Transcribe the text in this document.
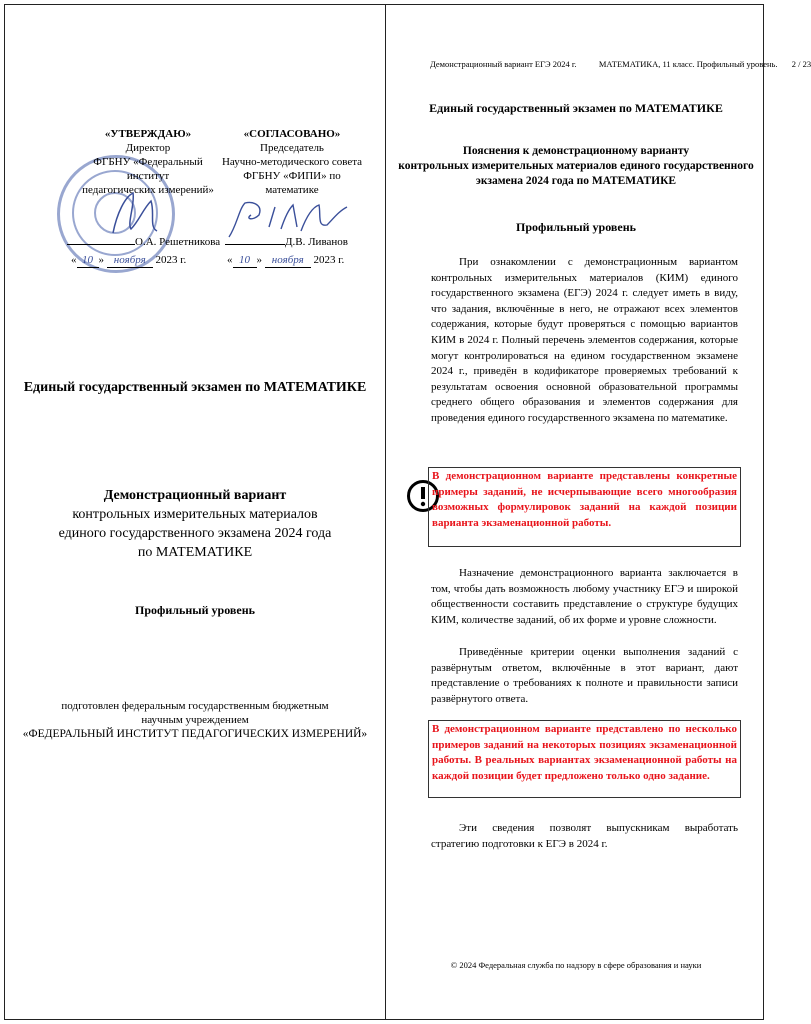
«УТВЕРЖДАЮ»
Директор
ФГБНУ «Федеральный институт
педагогических измерений»
О.А. Решетникова
« 10 » ноября 2023 г.
«СОГЛАСОВАНО»
Председатель
Научно-методического совета
ФГБНУ «ФИПИ» по математике
Д.В. Ливанов
« 10 » ноября 2023 г.
Единый государственный экзамен по МАТЕМАТИКЕ
Демонстрационный вариант
контрольных измерительных материалов
единого государственного экзамена 2024 года
по МАТЕМАТИКЕ
Профильный уровень
подготовлен федеральным государственным бюджетным
научным учреждением
«ФЕДЕРАЛЬНЫЙ ИНСТИТУТ ПЕДАГОГИЧЕСКИХ ИЗМЕРЕНИЙ»
Демонстрационный вариант ЕГЭ 2024 г.	МАТЕМАТИКА, 11 класс. Профильный уровень. 2 / 23
Единый государственный экзамен по МАТЕМАТИКЕ
Пояснения к демонстрационному варианту
контрольных измерительных материалов единого государственного
экзамена 2024 года по МАТЕМАТИКЕ
Профильный уровень
При ознакомлении с демонстрационным вариантом контрольных измерительных материалов (КИМ) единого государственного экзамена (ЕГЭ) 2024 г. следует иметь в виду, что задания, включённые в него, не отражают всех элементов содержания, которые будут проверяться с помощью вариантов КИМ в 2024 г. Полный перечень элементов содержания, которые могут контролироваться на едином государственном экзамене 2024 г., приведён в кодификаторе проверяемых требований к результатам освоения основной образовательной программы среднего общего образования и элементов содержания для проведения единого государственного экзамена по математике.
В демонстрационном варианте представлены конкретные примеры заданий, не исчерпывающие всего многообразия возможных формулировок заданий на каждой позиции варианта экзаменационной работы.
Назначение демонстрационного варианта заключается в том, чтобы дать возможность любому участнику ЕГЭ и широкой общественности составить представление о структуре будущих КИМ, количестве заданий, об их форме и уровне сложности.
Приведённые критерии оценки выполнения заданий с развёрнутым ответом, включённые в этот вариант, дают представление о требованиях к полноте и правильности записи развёрнутого ответа.
В демонстрационном варианте представлено по несколько примеров заданий на некоторых позициях экзаменационной работы. В реальных вариантах экзаменационной работы на каждой позиции будет предложено только одно задание.
Эти сведения позволят выпускникам выработать стратегию подготовки к ЕГЭ в 2024 г.
© 2024 Федеральная служба по надзору в сфере образования и науки
